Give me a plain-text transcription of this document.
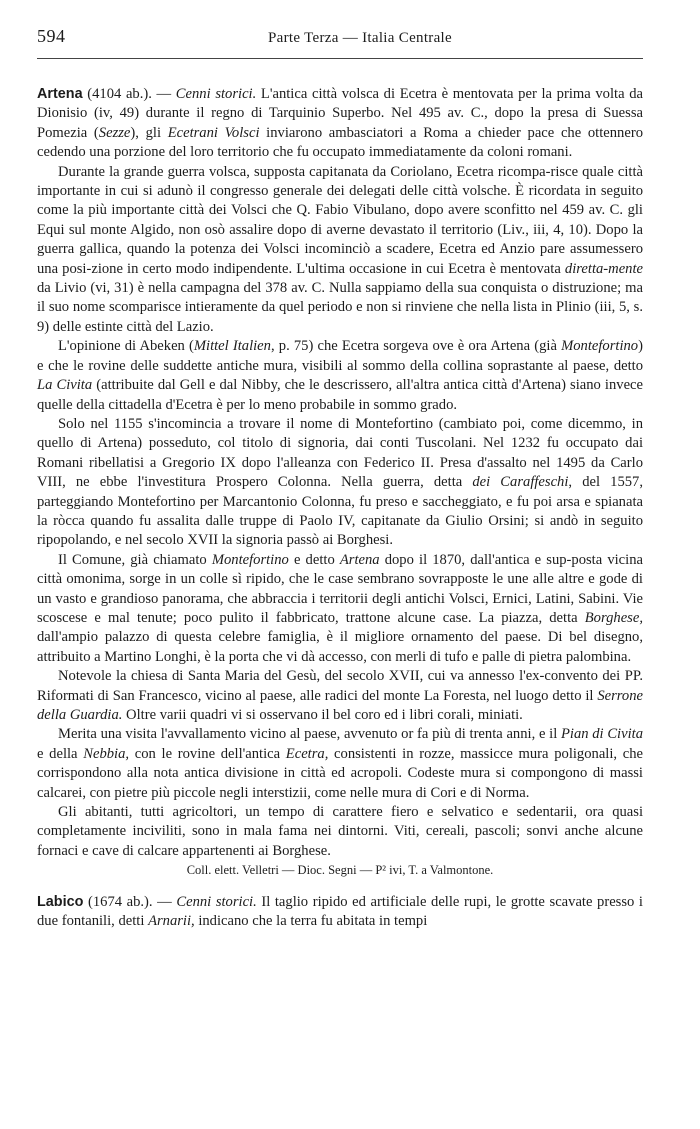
594	Parte Terza — Italia Centrale

Artena (4104 ab.). — Cenni storici. L'antica città volsca di Ecetra è mentovata per la prima volta da Dionisio (iv, 49) durante il regno di Tarquinio Superbo. Nel 495 av. C., dopo la presa di Suessa Pomezia (Sezze), gli Ecetrani Volsci inviarono ambasciatori a Roma a chieder pace che ottennero cedendo una porzione del loro territorio che fu occupato immediatamente da coloni romani.

Durante la grande guerra volsca, supposta capitanata da Coriolano, Ecetra ricompa-risce quale città importante in cui si adunò il congresso generale dei delegati delle città volsche. È ricordata in seguito come la più importante città dei Volsci che Q. Fabio Vibulano, dopo avere sconfitto nel 459 av. C. gli Equi sul monte Algido, non osò assalire dopo di averne devastato il territorio (Liv., iii, 4, 10). Dopo la guerra gallica, quando la potenza dei Volsci incominciò a scadere, Ecetra ed Anzio pare assumessero una posi-zione in certo modo indipendente. L'ultima occasione in cui Ecetra è mentovata diretta-mente da Livio (vi, 31) è nella campagna del 378 av. C. Nulla sappiamo della sua conquista o distruzione; ma il suo nome scomparisce intieramente da quel periodo e non si rinviene che nella lista in Plinio (iii, 5, s. 9) delle estinte città del Lazio.

L'opinione di Abeken (Mittel Italien, p. 75) che Ecetra sorgeva ove è ora Artena (già Montefortino) e che le rovine delle suddette antiche mura, visibili al sommo della collina soprastante al paese, detto La Civita (attribuite dal Gell e dal Nibby, che le descrissero, all'altra antica città d'Artena) siano invece quelle della cittadella d'Ecetra è per lo meno probabile in sommo grado.

Solo nel 1155 s'incomincia a trovare il nome di Montefortino (cambiato poi, come dicemmo, in quello di Artena) posseduto, col titolo di signoria, dai conti Tuscolani. Nel 1232 fu occupato dai Romani ribellatisi a Gregorio IX dopo l'alleanza con Federico II. Presa d'assalto nel 1495 da Carlo VIII, ne ebbe l'investitura Prospero Colonna. Nella guerra, detta dei Caraffeschi, del 1557, parteggiando Montefortino per Marcantonio Colonna, fu preso e saccheggiato, e fu poi arsa e spianata la ròcca quando fu assalita dalle truppe di Paolo IV, capitanate da Giulio Orsini; si andò in seguito ripopolando, e nel secolo XVII la signoria passò ai Borghesi.

Il Comune, già chiamato Montefortino e detto Artena dopo il 1870, dall'antica e sup-posta vicina città omonima, sorge in un colle sì ripido, che le case sembrano sovrapposte le une alle altre e gode di un vasto e grandioso panorama, che abbraccia i territorii degli antichi Volsci, Ernici, Latini, Sabini. Vie scoscese e mal tenute; poco pulito il fabbricato, trattone alcune case. La piazza, detta Borghese, dall'ampio palazzo di questa celebre famiglia, è il migliore ornamento del paese. Di bel disegno, attribuito a Martino Longhi, è la porta che vi dà accesso, con merli di tufo e palle di pietra palombina.

Notevole la chiesa di Santa Maria del Gesù, del secolo XVII, cui va annesso l'ex-convento dei PP. Riformati di San Francesco, vicino al paese, alle radici del monte La Foresta, nel luogo detto il Serrone della Guardia. Oltre varii quadri vi si osservano il bel coro ed i libri corali, miniati.

Merita una visita l'avvallamento vicino al paese, avvenuto or fa più di trenta anni, e il Pian di Civita e della Nebbia, con le rovine dell'antica Ecetra, consistenti in rozze, massicce mura poligonali, che corrispondono alla nota antica divisione in città ed acropoli. Codeste mura si compongono di massi calcarei, con pietre più piccole negli interstizii, come nelle mura di Cori e di Norma.

Gli abitanti, tutti agricoltori, un tempo di carattere fiero e selvatico e sedentarii, ora quasi completamente inciviliti, sono in mala fama nei dintorni. Viti, cereali, pascoli; sonvi anche alcune fornaci e cave di calcare appartenenti ai Borghese.

Coll. elett. Velletri — Dioc. Segni — P² ivi, T. a Valmontone.

Labico (1674 ab.). — Cenni storici. Il taglio ripido ed artificiale delle rupi, le grotte scavate presso i due fontanili, detti Arnarii, indicano che la terra fu abitata in tempi
